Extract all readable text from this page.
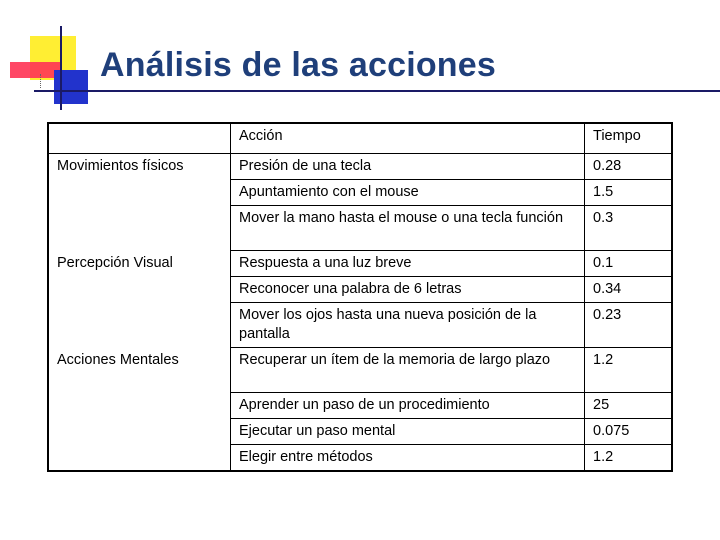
Análisis de las acciones
	Acción	Tiempo
Movimientos físicos	Presión de una tecla	0.28
	Apuntamiento con el mouse	1.5
	Mover la mano hasta el mouse o una tecla función	0.3
Percepción Visual	Respuesta a una luz breve	0.1
	Reconocer una palabra de 6 letras	0.34
	Mover los ojos hasta una nueva posición de la pantalla	0.23
Acciones Mentales	Recuperar un ítem de la memoria de largo plazo	1.2
	Aprender un paso de un procedimiento	25
	Ejecutar un paso mental	0.075
	Elegir entre métodos	1.2
